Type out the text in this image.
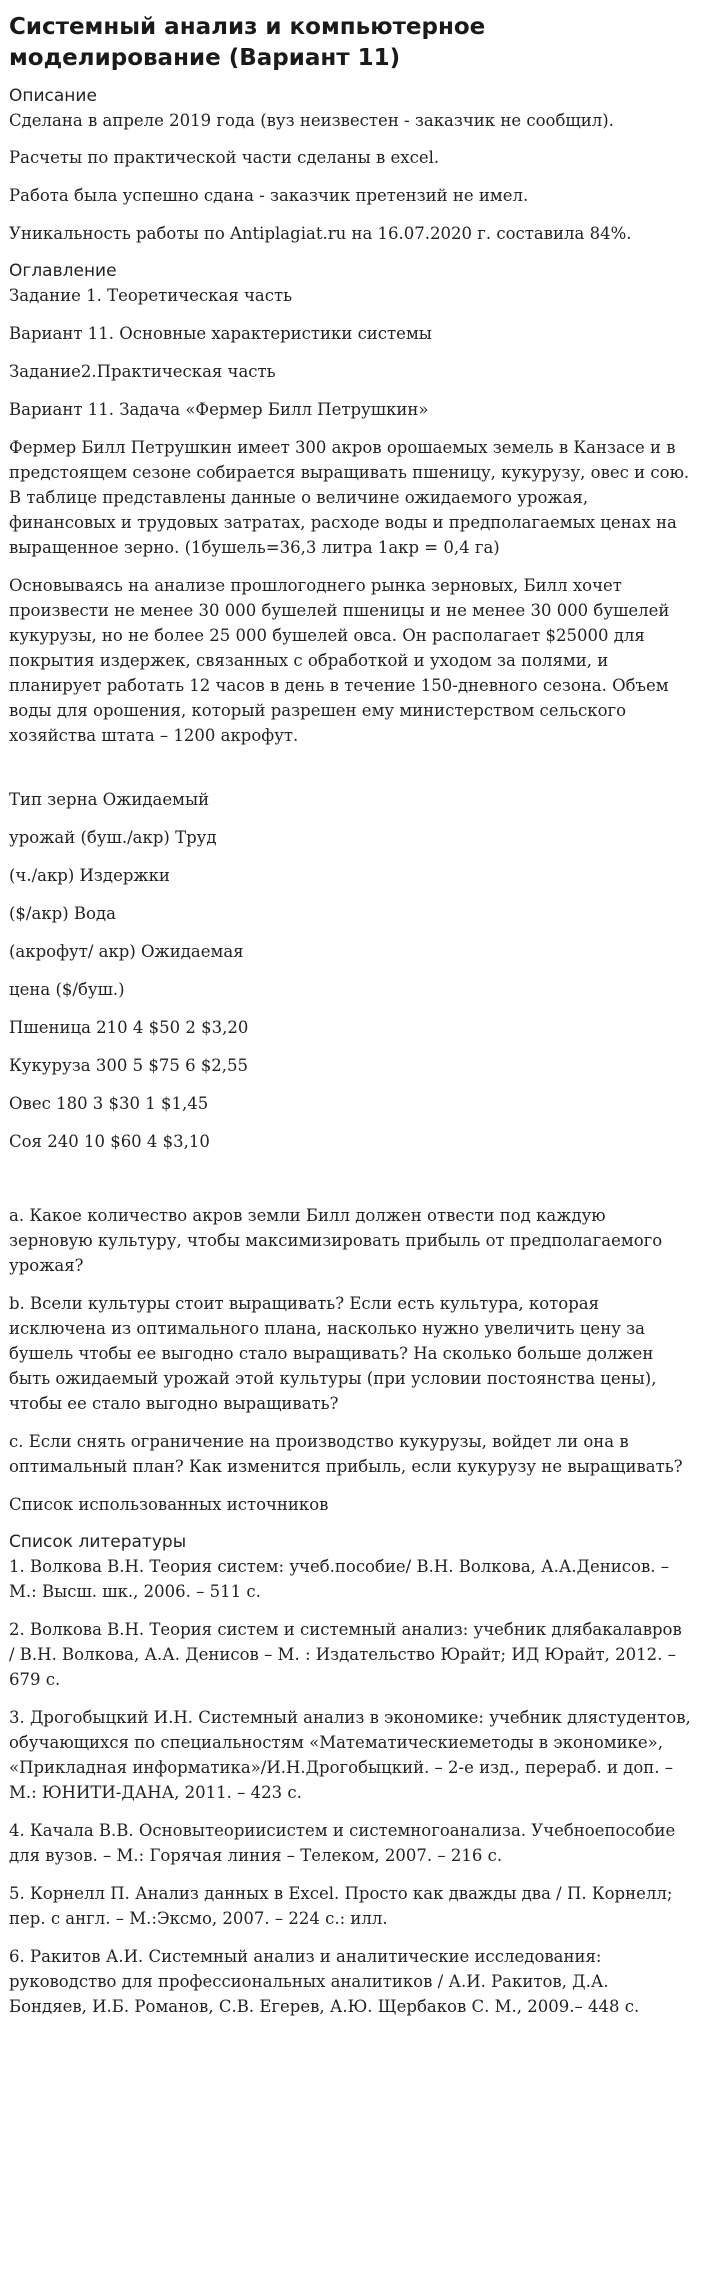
Системный анализ и компьютерное моделирование (Вариант 11)
Описание

Сделана в апреле 2019 года (вуз неизвестен - заказчик не сообщил).

Расчеты по практической части сделаны в excel.

Работа была успешно сдана - заказчик претензий не имел.

Уникальность работы по Antiplagiat.ru на 16.07.2020 г. составила 84%.

Оглавление

Задание 1. Теоретическая часть

Вариант 11. Основные характеристики системы

Задание2.Практическая часть

Вариант 11. Задача «Фермер Билл Петрушкин»

Фермер Билл Петрушкин имеет 300 акров орошаемых земель в Канзасе и в предстоящем сезоне собирается выращивать пшеницу, кукурузу, овес и сою. В таблице представлены данные о величине ожидаемого урожая, финансовых и трудовых затратах, расходе воды и предполагаемых ценах на выращенное зерно. (1бушель=36,3 литра 1акр = 0,4 га)

Основываясь на анализе прошлогоднего рынка зерновых, Билл хочет произвести не менее 30 000 бушелей пшеницы и не менее 30 000 бушелей кукурузы, но не более 25 000 бушелей овса. Он располагает $25000 для покрытия издержек, связанных с обработкой и уходом за полями, и планирует работать 12 часов в день в течение 150-дневного сезона. Объем воды для орошения, который разрешен ему министерством сельского хозяйства штата – 1200 акрофут.

Тип зерна Ожидаемый

урожай (буш./акр) Труд

(ч./акр) Издержки

($/акр) Вода

(акрофут/ акр) Ожидаемая

цена ($/буш.)

Пшеница 210 4 $50 2 $3,20

Кукуруза 300 5 $75 6 $2,55

Овес 180 3 $30 1 $1,45

Соя 240 10 $60 4 $3,10

a. Какое количество акров земли Билл должен отвести под каждую зерновую культуру, чтобы максимизировать прибыль от предполагаемого урожая?

b. Всели культуры стоит выращивать? Если есть культура, которая исключена из оптимального плана, насколько нужно увеличить цену за бушель чтобы ее выгодно стало выращивать? На сколько больше должен быть ожидаемый урожай этой культуры (при условии постоянства цены), чтобы ее стало выгодно выращивать?

c. Если снять ограничение на производство кукурузы, войдет ли она в оптимальный план? Как изменится прибыль, если кукурузу не выращивать?

Список использованных источников

Список литературы
1. Волкова В.Н. Теория систем: учеб.пособие/ В.Н. Волкова, А.А.Денисов. – М.: Высш. шк., 2006. – 511 с.
2. Волкова В.Н. Теория систем и системный анализ: учебник длябакалавров / В.Н. Волкова, А.А. Денисов – М. : Издательство Юрайт; ИД Юрайт, 2012. – 679 с.
3. Дрогобыцкий И.Н. Системный анализ в экономике: учебник длястудентов, обучающихся по специальностям «Математическиеметоды в экономике», «Прикладная информатика»/И.Н.Дрогобыцкий. – 2-е изд., перераб. и доп. – М.: ЮНИТИ-ДАНА, 2011. – 423 с.
4. Качала В.В. Основытеориисистем и системногоанализа. Учебноепособие для вузов. – М.: Горячая линия – Телеком, 2007. – 216 с.
5. Корнелл П. Анализ данных в Excel. Просто как дважды два / П. Корнелл; пер. с англ. – М.:Эксмо, 2007. – 224 с.: илл.
6. Ракитов А.И. Системный анализ и аналитические исследования: руководство для профессиональных аналитиков / А.И. Ракитов, Д.А. Бондяев, И.Б. Романов, С.В. Егерев, А.Ю. Щербаков С. М., 2009.– 448 с.
